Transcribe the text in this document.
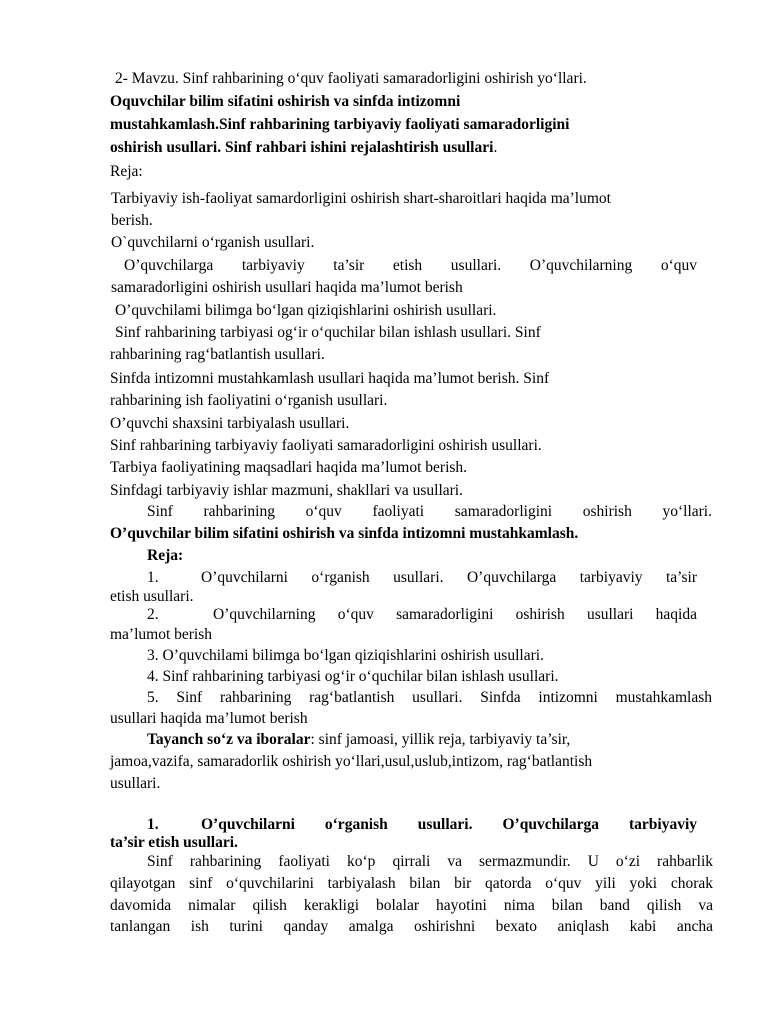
2- Mavzu. Sinf rahbarining o‘quv faoliyati samaradorligini oshirish yo‘llari.
Oquvchilar bilim sifatini oshirish va sinfda intizomni
mustahkamlash.Sinf rahbarining tarbiyaviy faoliyati samaradorligini
oshirish usullari. Sinf rahbari ishini rejalashtirish usullari.
Reja:
Tarbiyaviy ish-faoliyat samardorligini oshirish shart-sharoitlari haqida ma’lumot
berish.
O`quvchilarni o‘rganish usullari.
O’quvchilarga tarbiyaviy ta’sir etish usullari. O’quvchilarning o‘quv
samaradorligini oshirish usullari haqida ma’lumot berish
O’quvchilami bilimga bo‘lgan qiziqishlarini oshirish usullari.
Sinf rahbarining tarbiyasi og‘ir o‘quchilar bilan ishlash usullari. Sinf
rahbarining rag‘batlantish usullari.
Sinfda intizomni mustahkamlash usullari haqida ma’lumot berish. Sinf
rahbarining ish faoliyatini o‘rganish usullari.
O’quvchi shaxsini tarbiyalash usullari.
Sinf rahbarining tarbiyaviy faoliyati samaradorligini oshirish usullari.
Tarbiya faoliyatining maqsadlari haqida ma’lumot berish.
Sinfdagi tarbiyaviy ishlar mazmuni, shakllari va usullari.
Sinf rahbarining o‘quv faoliyati samaradorligini oshirish yo‘llari.
O’quvchilar bilim sifatini oshirish va sinfda intizomni mustahkamlash.
Reja:
1.	O’quvchilarni o‘rganish usullari. O’quvchilarga tarbiyaviy ta’sir
etish usullari.
2.	O’quvchilarning o‘quv samaradorligini oshirish usullari haqida
ma’lumot berish
3. O’quvchilami bilimga bo‘lgan qiziqishlarini oshirish usullari.
4. Sinf rahbarining tarbiyasi og‘ir o‘quchilar bilan ishlash usullari.
5. Sinf rahbarining rag‘batlantish usullari. Sinfda intizomni mustahkamlash
usullari haqida ma’lumot berish
Tayanch so‘z va iboralar: sinf jamoasi, yillik reja, tarbiyaviy ta’sir,
jamoa,vazifa, samaradorlik oshirish yo‘llari,usul,uslub,intizom, rag‘batlantish
usullari.
1.	O’quvchilarni o‘rganish usullari. O’quvchilarga tarbiyaviy
ta’sir etish usullari.
Sinf rahbarining faoliyati ko‘p qirrali va sermazmundir. U o‘zi rahbarlik
qilayotgan sinf o‘quvchilarini tarbiyalash bilan bir qatorda o‘quv yili yoki chorak
davomida nimalar qilish kerakligi bolalar hayotini nima bilan band qilish va
tanlangan ish turini qanday amalga oshirishni bexato aniqlash kabi ancha
